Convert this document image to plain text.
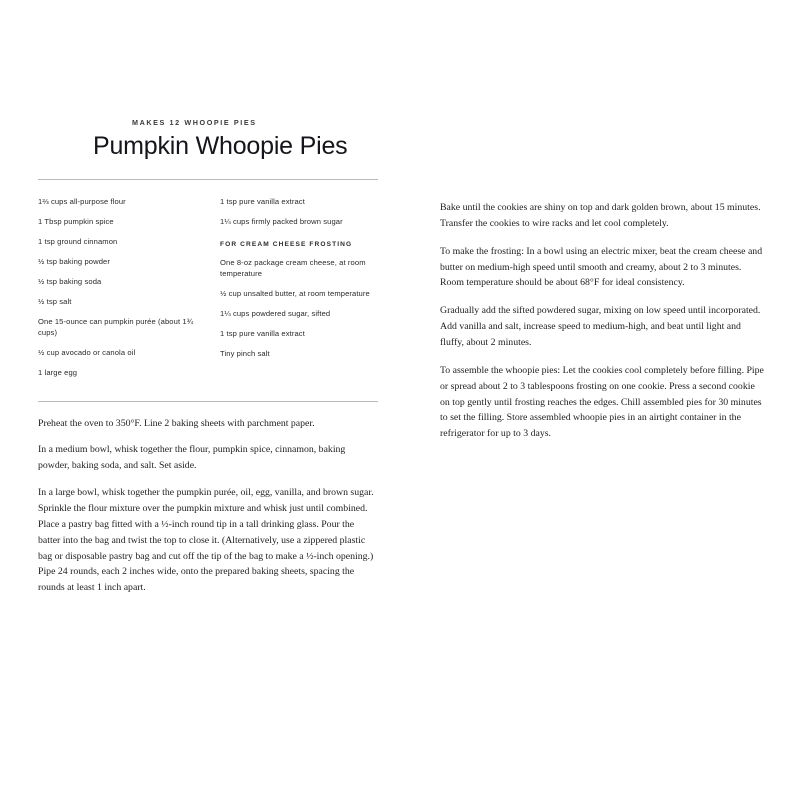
MAKES 12 WHOOPIE PIES
Pumpkin Whoopie Pies
1⅔ cups all-purpose flour
1 Tbsp pumpkin spice
1 tsp ground cinnamon
½ tsp baking powder
½ tsp baking soda
½ tsp salt
One 15-ounce can pumpkin purée (about 1¾ cups)
½ cup avocado or canola oil
1 large egg
1 tsp pure vanilla extract
1¼ cups firmly packed brown sugar
FOR CREAM CHEESE FROSTING
One 8-oz package cream cheese, at room temperature
½ cup unsalted butter, at room temperature
1¼ cups powdered sugar, sifted
1 tsp pure vanilla extract
Tiny pinch salt

Preheat the oven to 350°F. Line 2 baking sheets with parchment paper.

In a medium bowl, whisk together the flour, pumpkin spice, cinnamon, baking powder, baking soda, and salt. Set aside.

In a large bowl, whisk together the pumpkin purée, oil, egg, vanilla, and brown sugar. Sprinkle the flour mixture over the pumpkin mixture and whisk just until combined. Place a pastry bag fitted with a ½-inch round tip in a tall drinking glass. Pour the batter into the bag and twist the top to close it. (Alternatively, use a zippered plastic bag or disposable pastry bag and cut off the tip of the bag to make a ½-inch opening.) Pipe 24 rounds, each 2 inches wide, onto the prepared baking sheets, spacing the rounds at least 1 inch apart.

Bake until the cookies are shiny on top and dark golden brown, about 15 minutes. Transfer the cookies to wire racks and let cool completely.

To make the frosting: In a bowl using an electric mixer, beat the cream cheese and butter on medium-high speed until smooth and creamy, about 2 to 3 minutes. Room temperature should be about 68°F for ideal consistency.

Gradually add the sifted powdered sugar, mixing on low speed until incorporated. Add vanilla and salt, increase speed to medium-high, and beat until light and fluffy, about 2 minutes.

To assemble the whoopie pies: Let the cookies cool completely before filling. Pipe or spread about 2 to 3 tablespoons frosting on one cookie. Press a second cookie on top gently until frosting reaches the edges. Chill assembled pies for 30 minutes to set the filling. Store assembled whoopie pies in an airtight container in the refrigerator for up to 3 days.
